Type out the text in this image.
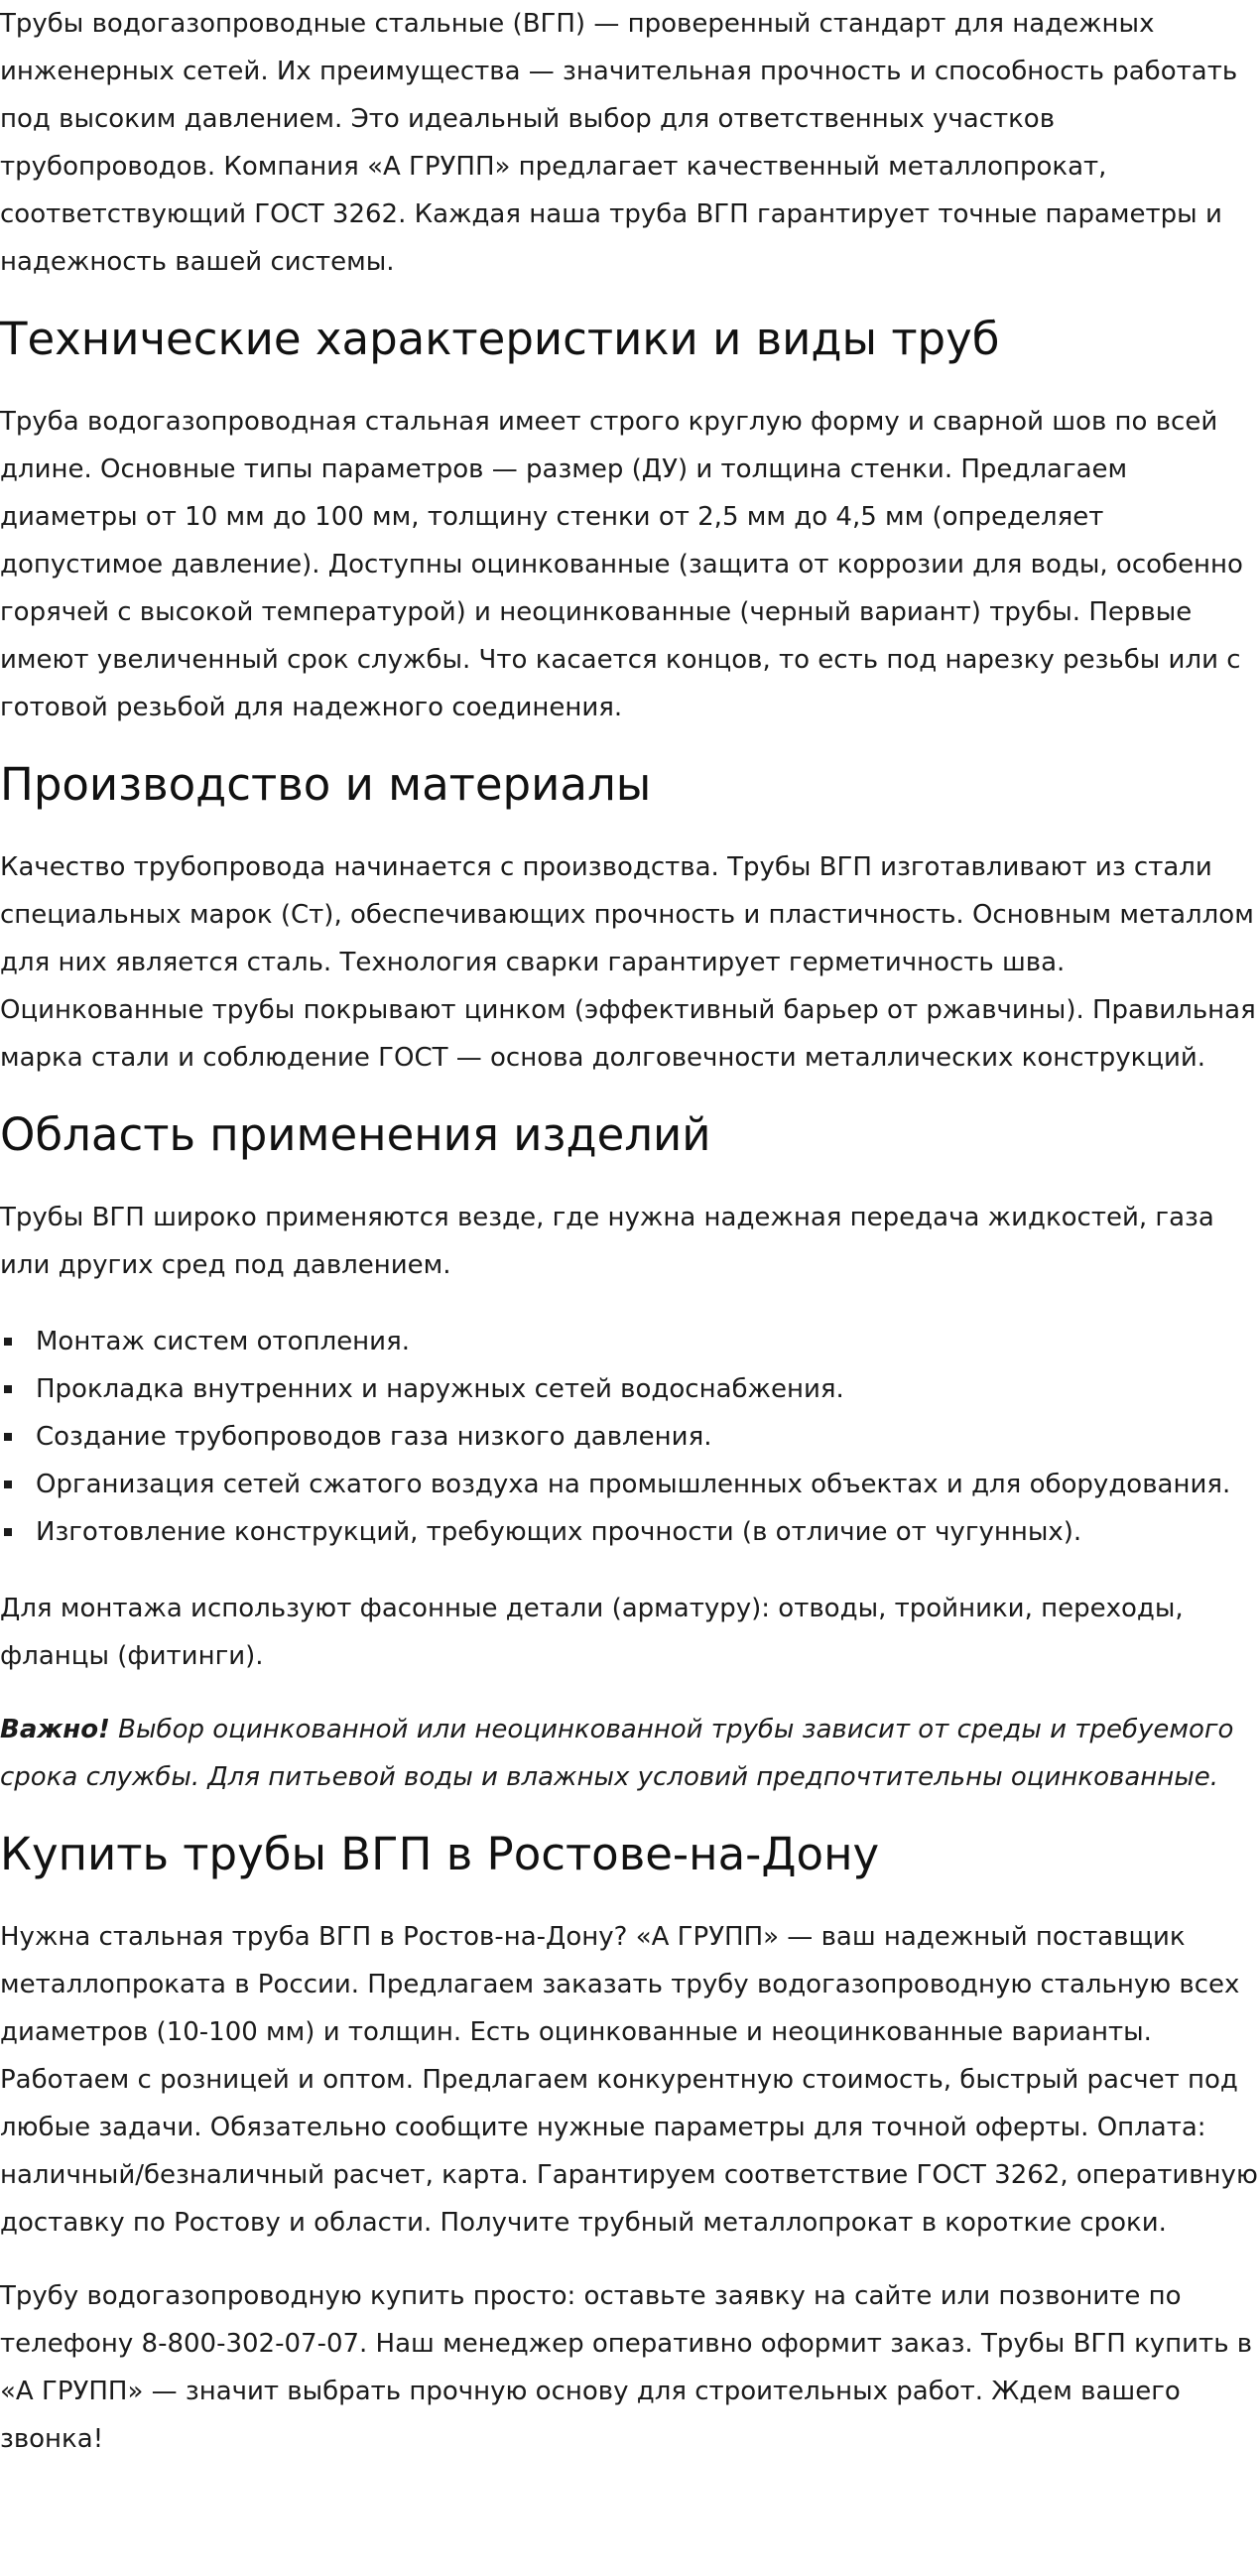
Трубы водогазопроводные стальные (ВГП) — проверенный стандарт для надежных инженерных сетей. Их преимущества — значительная прочность и способность работать под высоким давлением. Это идеальный выбор для ответственных участков трубопроводов. Компания «А ГРУПП» предлагает качественный металлопрокат, соответствующий ГОСТ 3262. Каждая наша труба ВГП гарантирует точные параметры и надежность вашей системы.

Технические характеристики и виды труб

Труба водогазопроводная стальная имеет строго круглую форму и сварной шов по всей длине. Основные типы параметров — размер (ДУ) и толщина стенки. Предлагаем диаметры от 10 мм до 100 мм, толщину стенки от 2,5 мм до 4,5 мм (определяет допустимое давление). Доступны оцинкованные (защита от коррозии для воды, особенно горячей с высокой температурой) и неоцинкованные (черный вариант) трубы. Первые имеют увеличенный срок службы. Что касается концов, то есть под нарезку резьбы или с готовой резьбой для надежного соединения.

Производство и материалы

Качество трубопровода начинается с производства. Трубы ВГП изготавливают из стали специальных марок (Ст), обеспечивающих прочность и пластичность. Основным металлом для них является сталь. Технология сварки гарантирует герметичность шва. Оцинкованные трубы покрывают цинком (эффективный барьер от ржавчины). Правильная марка стали и соблюдение ГОСТ — основа долговечности металлических конструкций.

Область применения изделий

Трубы ВГП широко применяются везде, где нужна надежная передача жидкостей, газа или других сред под давлением.

Монтаж систем отопления.
Прокладка внутренних и наружных сетей водоснабжения.
Создание трубопроводов газа низкого давления.
Организация сетей сжатого воздуха на промышленных объектах и для оборудования.
Изготовление конструкций, требующих прочности (в отличие от чугунных).

Для монтажа используют фасонные детали (арматуру): отводы, тройники, переходы, фланцы (фитинги).

Важно! Выбор оцинкованной или неоцинкованной трубы зависит от среды и требуемого срока службы. Для питьевой воды и влажных условий предпочтительны оцинкованные.

Купить трубы ВГП в Ростове-на-Дону

Нужна стальная труба ВГП в Ростов-на-Дону? «А ГРУПП» — ваш надежный поставщик металлопроката в России. Предлагаем заказать трубу водогазопроводную стальную всех диаметров (10-100 мм) и толщин. Есть оцинкованные и неоцинкованные варианты. Работаем с розницей и оптом. Предлагаем конкурентную стоимость, быстрый расчет под любые задачи. Обязательно сообщите нужные параметры для точной оферты. Оплата: наличный/безналичный расчет, карта. Гарантируем соответствие ГОСТ 3262, оперативную доставку по Ростову и области. Получите трубный металлопрокат в короткие сроки.

Трубу водогазопроводную купить просто: оставьте заявку на сайте или позвоните по телефону 8-800-302-07-07. Наш менеджер оперативно оформит заказ. Трубы ВГП купить в «А ГРУПП» — значит выбрать прочную основу для строительных работ. Ждем вашего звонка!
